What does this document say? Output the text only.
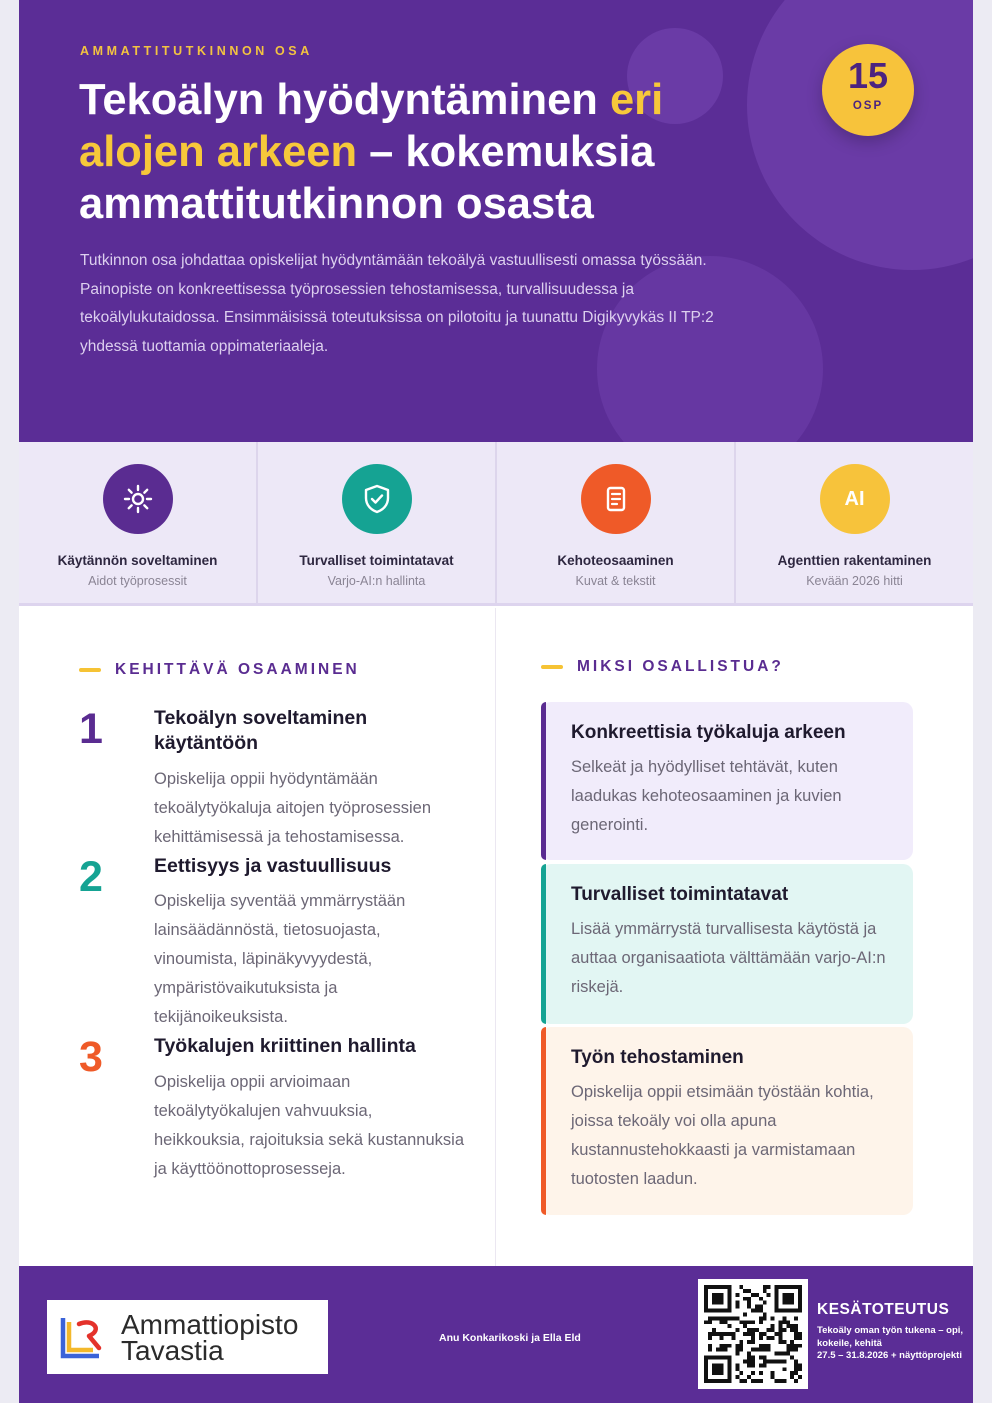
AMMATTITUTKINNON OSA
Tekoälyn hyödyntäminen eri alojen arkeen – kokemuksia ammattitutkinnon osasta

Tutkinnon osa johdattaa opiskelijat hyödyntämään tekoälyä vastuullisesti omassa työssään. Painopiste on konkreettisessa työprosessien tehostamisessa, turvallisuudessa ja tekoälylukutaidossa. Ensimmäisissä toteutuksissa on pilotoitu ja tuunattu Digikyvykäs II TP:2 yhdessä tuottamia oppimateriaaleja.

15
OSP
Käytännön soveltaminen
Aidot työprosessit
Turvalliset toimintatavat
Varjo-AI:n hallinta
Kehoteosaaminen
Kuvat & tekstit
AI
Agenttien rakentaminen
Kevään 2026 hitti
KEHITTÄVÄ OSAAMINEN
1	Tekoälyn soveltaminen käytäntöön
Opiskelija oppii hyödyntämään tekoälytyökaluja aitojen työprosessien kehittämisessä ja tehostamisessa.
2	Eettisyys ja vastuullisuus
Opiskelija syventää ymmärrystään lainsäädännöstä, tietosuojasta, vinoumista, läpinäkyvyydestä, ympäristövaikutuksista ja tekijänoikeuksista.
3	Työkalujen kriittinen hallinta
Opiskelija oppii arvioimaan tekoälytyökalujen vahvuuksia, heikkouksia, rajoituksia sekä kustannuksia ja käyttöönottoprosesseja.
MIKSI OSALLISTUA?
Konkreettisia työkaluja arkeen
Selkeät ja hyödylliset tehtävät, kuten laadukas kehoteosaaminen ja kuvien generointi.
Turvalliset toimintatavat
Lisää ymmärrystä turvallisesta käytöstä ja auttaa organisaatiota välttämään varjo-AI:n riskejä.
Työn tehostaminen
Opiskelija oppii etsimään työstään kohtia, joissa tekoäly voi olla apuna kustannustehokkaasti ja varmistamaan tuotosten laadun.
Ammattiopisto
Tavastia	Anu Konkarikoski ja Ella Eld
KESÄTOTEUTUS
Tekoäly oman työn tukena – opi, kokeile, kehitä
27.5 – 31.8.2026 + näyttöprojekti
